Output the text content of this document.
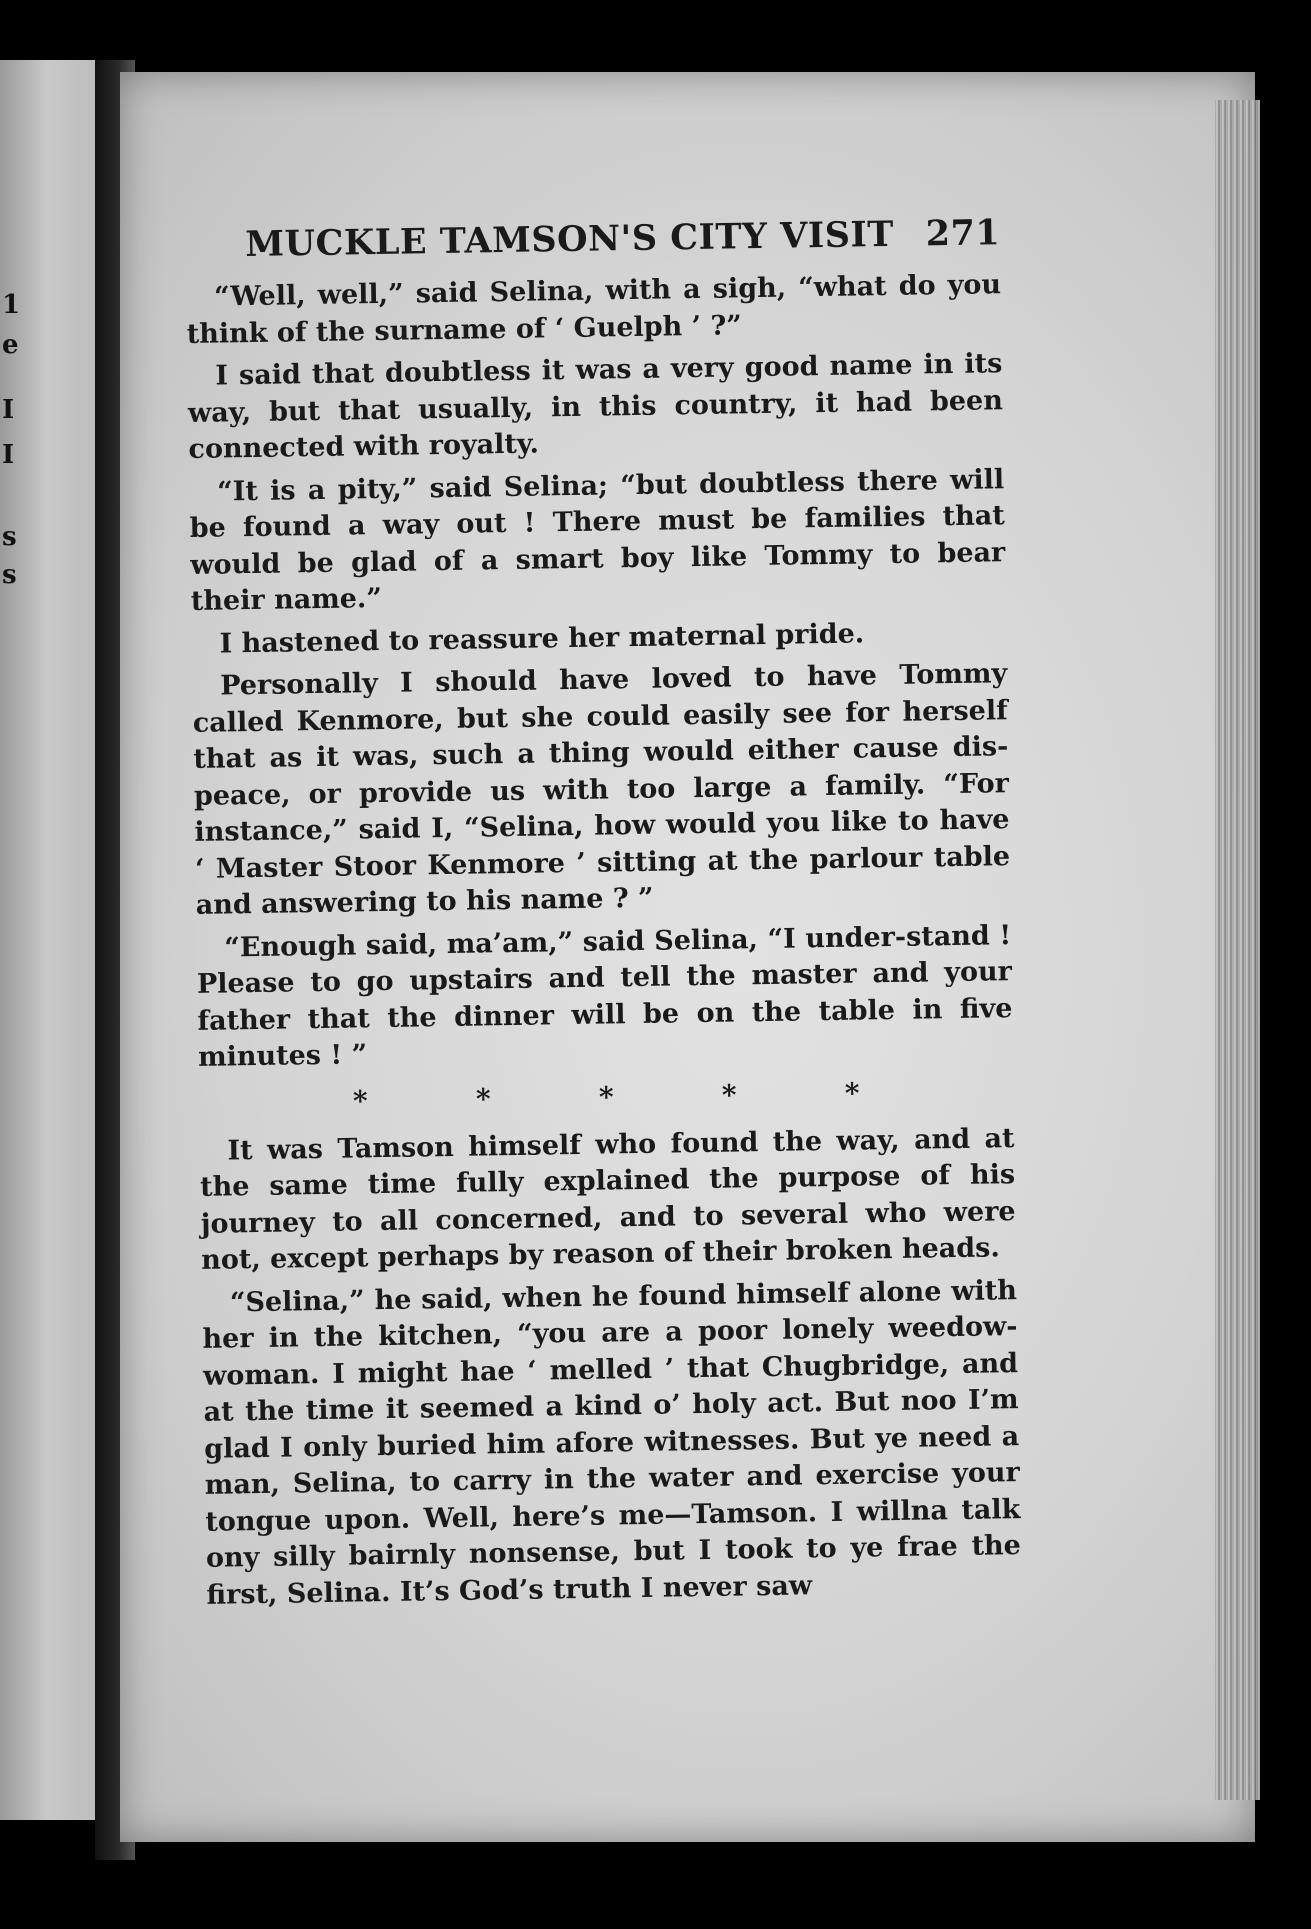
1
e
I
I
s
s
MUCKLE TAMSON'S CITY VISIT 271

“Well, well,” said Selina, with a sigh, “what do you think of the surname of ‘ Guelph ’ ?”

I said that doubtless it was a very good name in its way, but that usually, in this country, it had been connected with royalty.

“It is a pity,” said Selina; “but doubtless there will be found a way out ! There must be families that would be glad of a smart boy like Tommy to bear their name.”

I hastened to reassure her maternal pride.

Personally I should have loved to have Tommy called Kenmore, but she could easily see for herself that as it was, such a thing would either cause dis-peace, or provide us with too large a family. “For instance,” said I, “Selina, how would you like to have ‘ Master Stoor Kenmore ’ sitting at the parlour table and answering to his name ? ”

“Enough said, ma’am,” said Selina, “I under-stand ! Please to go upstairs and tell the master and your father that the dinner will be on the table in five minutes ! ”

*	*	*	*	*

It was Tamson himself who found the way, and at the same time fully explained the purpose of his journey to all concerned, and to several who were not, except perhaps by reason of their broken heads.

“Selina,” he said, when he found himself alone with her in the kitchen, “you are a poor lonely weedow-woman. I might hae ‘ melled ’ that Chugbridge, and at the time it seemed a kind o’ holy act. But noo I’m glad I only buried him afore witnesses. But ye need a man, Selina, to carry in the water and exercise your tongue upon. Well, here’s me—Tamson. I willna talk ony silly bairnly nonsense, but I took to ye frae the first, Selina. It’s God’s truth I never saw
